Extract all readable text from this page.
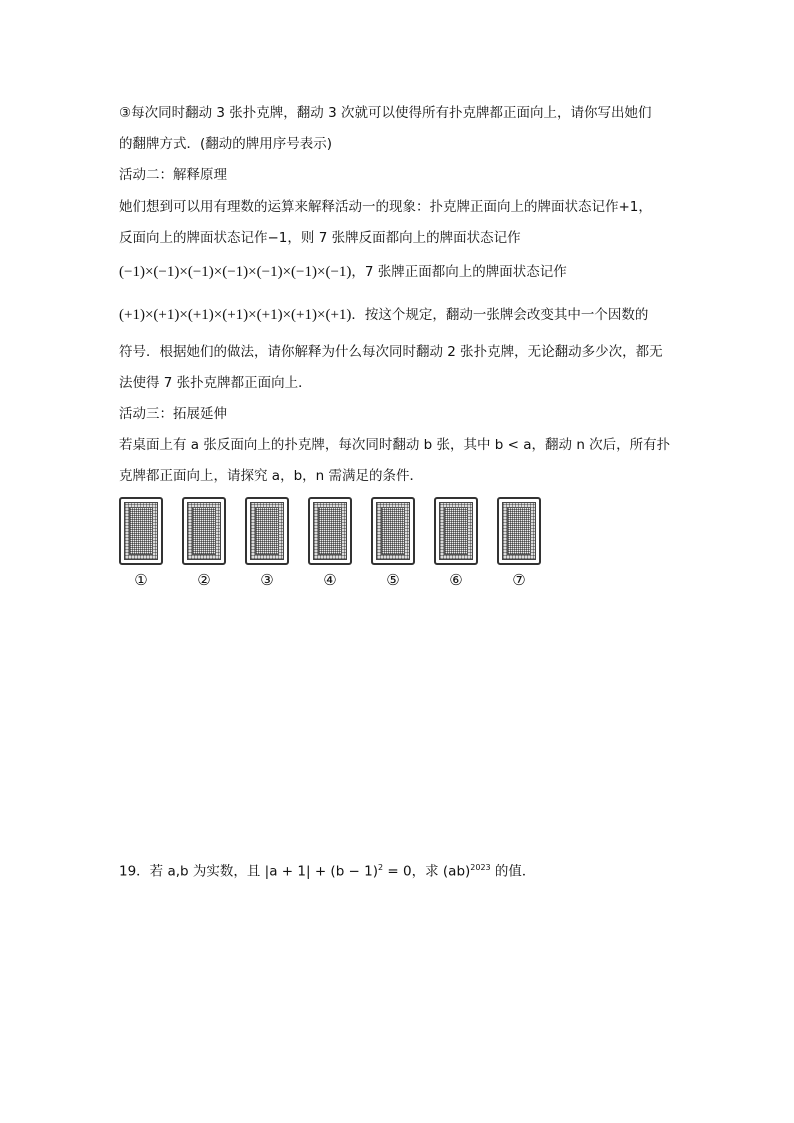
③每次同时翻动 3 张扑克牌，翻动 3 次就可以使得所有扑克牌都正面向上，请你写出她们
的翻牌方式．(翻动的牌用序号表示)
活动二：解释原理
她们想到可以用有理数的运算来解释活动一的现象：扑克牌正面向上的牌面状态记作+1，
反面向上的牌面状态记作−1，则 7 张牌反面都向上的牌面状态记作
(−1)×(−1)×(−1)×(−1)×(−1)×(−1)×(−1)，7 张牌正面都向上的牌面状态记作
(+1)×(+1)×(+1)×(+1)×(+1)×(+1)×(+1)．按这个规定，翻动一张牌会改变其中一个因数的
符号．根据她们的做法，请你解释为什么每次同时翻动 2 张扑克牌，无论翻动多少次，都无
法使得 7 张扑克牌都正面向上．
活动三：拓展延伸
若桌面上有 a 张反面向上的扑克牌，每次同时翻动 b 张，其中 b < a，翻动 n 次后，所有扑
克牌都正面向上，请探究 a，b，n 需满足的条件．
①	②	③	④	⑤	⑥	⑦
19．若 a,b 为实数，且 $|a + 1| + (b - 1)^2 = 0$，求 (ab)$^{2023}$ 的值．
